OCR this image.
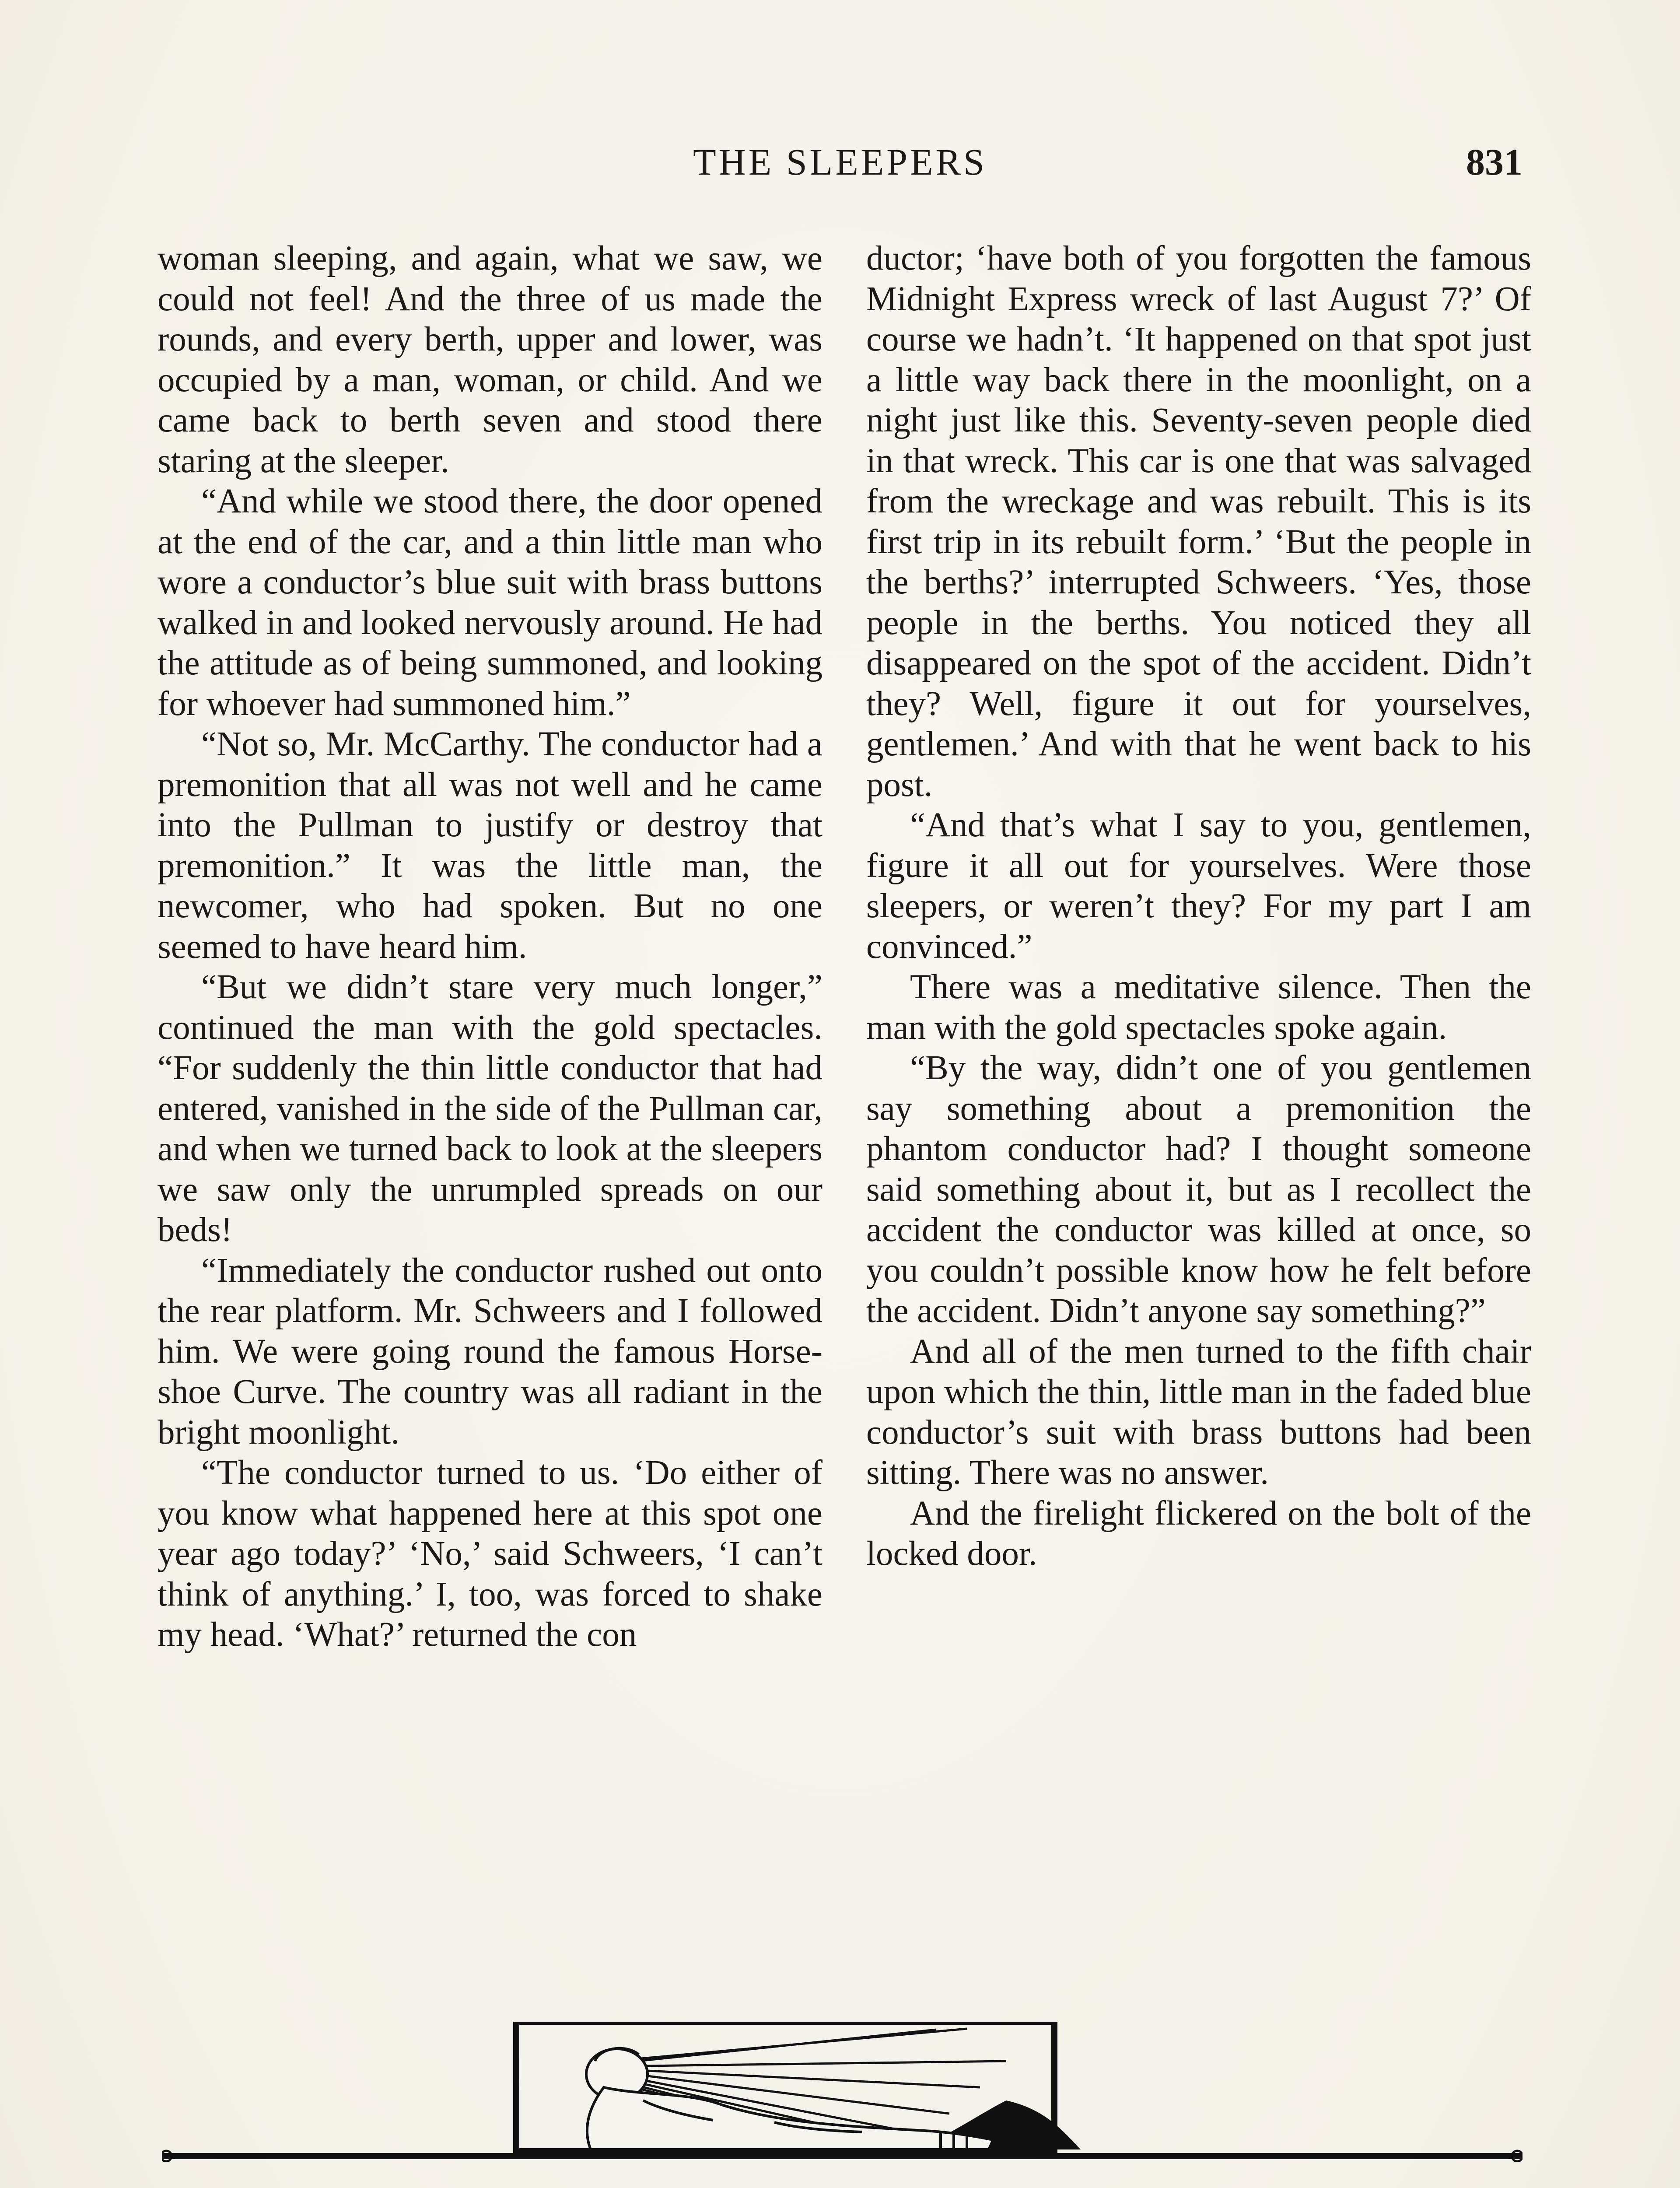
THE SLEEPERS	831

woman sleeping, and again, what we saw, we could not feel! And the three of us made the rounds, and every berth, upper and lower, was occupied by a man, woman, or child. And we came back to berth seven and stood there staring at the sleeper.

“And while we stood there, the door opened at the end of the car, and a thin little man who wore a conductor’s blue suit with brass buttons walked in and looked nervously around. He had the attitude as of being summoned, and looking for whoever had summoned him.”

“Not so, Mr. McCarthy. The conductor had a premonition that all was not well and he came into the Pullman to justify or destroy that premonition.” It was the little man, the newcomer, who had spoken. But no one seemed to have heard him.

“But we didn’t stare very much longer,” continued the man with the gold spectacles. “For suddenly the thin little conductor that had entered, vanished in the side of the Pullman car, and when we turned back to look at the sleepers we saw only the unrumpled spreads on our beds!

“Immediately the conductor rushed out onto the rear platform. Mr. Schweers and I followed him. We were going round the famous Horseshoe Curve. The country was all radiant in the bright moonlight.

“The conductor turned to us. ‘Do either of you know what happened here at this spot one year ago today?’ ‘No,’ said Schweers, ‘I can’t think of anything.’ I, too, was forced to shake my head. ‘What?’ returned the con

ductor; ‘have both of you forgotten the famous Midnight Express wreck of last August 7?’ Of course we hadn’t. ‘It happened on that spot just a little way back there in the moonlight, on a night just like this. Seventy-seven people died in that wreck. This car is one that was salvaged from the wreckage and was rebuilt. This is its first trip in its rebuilt form.’ ‘But the people in the berths?’ interrupted Schweers. ‘Yes, those people in the berths. You noticed they all disappeared on the spot of the accident. Didn’t they? Well, figure it out for yourselves, gentlemen.’ And with that he went back to his post.

“And that’s what I say to you, gentlemen, figure it all out for yourselves. Were those sleepers, or weren’t they? For my part I am convinced.”

There was a meditative silence. Then the man with the gold spectacles spoke again.

“By the way, didn’t one of you gentlemen say something about a premonition the phantom conductor had? I thought someone said something about it, but as I recollect the accident the conductor was killed at once, so you couldn’t possible know how he felt before the accident. Didn’t anyone say something?”

And all of the men turned to the fifth chair upon which the thin, little man in the faded blue conductor’s suit with brass buttons had been sitting. There was no answer.

And the firelight flickered on the bolt of the locked door.
